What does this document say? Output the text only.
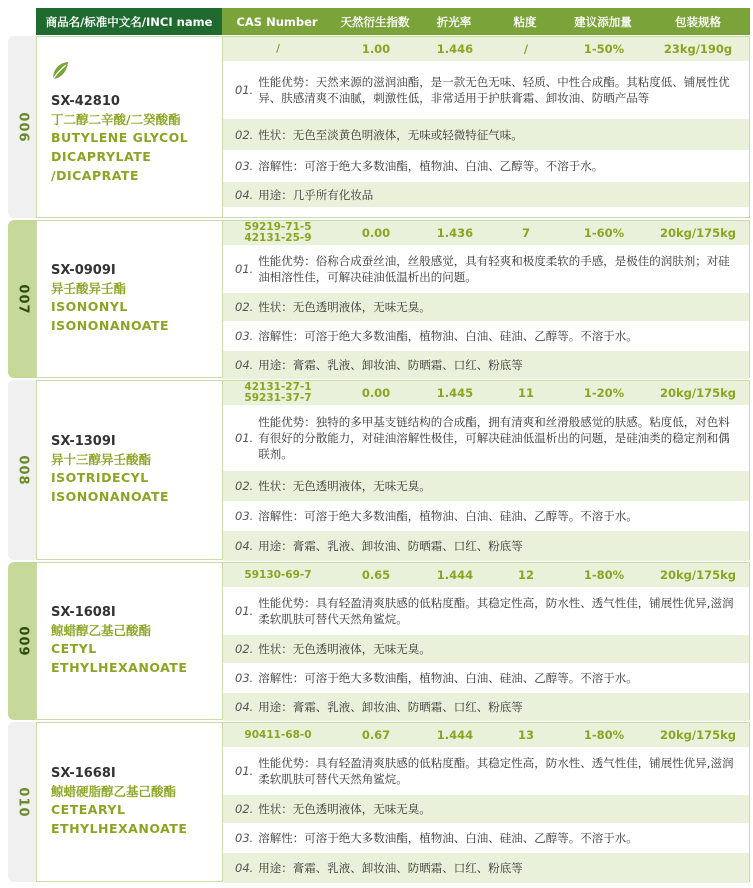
商品名/标准中文名/INCI name	CAS Number	天然衍生指数	折光率	粘度	建议添加量	包装规格
006
SX-42810
丁二醇二辛酸/二癸酸酯
BUTYLENE GLYCOL
DICAPRYLATE
/DICAPRATE
/	1.00	1.446	/	1-50%	23kg/190g
01.
性能优势：天然来源的滋润油酯，是一款无色无味、轻质、中性合成酯。其粘度低、铺展性优异、肤感清爽不油腻，刺激性低，非常适用于护肤膏霜、卸妆油、防晒产品等
02. 性状：无色至淡黄色明液体，无味或轻微特征气味。
03. 溶解性：可溶于绝大多数油酯，植物油、白油、乙醇等。不溶于水。
04. 用途：几乎所有化妆品
007
SX-0909I
异壬酸异壬酯
ISONONYL
ISONONANOATE
59219-71-5
42131-25-9	0.00	1.436	7	1-60%	20kg/175kg
01.
性能优势：俗称合成蚕丝油，丝般感觉，具有轻爽和极度柔软的手感，是极佳的润肤剂；对硅油相溶性佳，可解决硅油低温析出的问题。
02. 性状：无色透明液体，无味无臭。
03. 溶解性：可溶于绝大多数油酯，植物油、白油、硅油、乙醇等。不溶于水。
04. 用途：膏霜、乳液、卸妆油、防晒霜、口红、粉底等
008
SX-1309I
异十三醇异壬酸酯
ISOTRIDECYL
ISONONANOATE
42131-27-1
59231-37-7	0.00	1.445	11	1-20%	20kg/175kg
01.
性能优势：独特的多甲基支链结构的合成酯，拥有清爽和丝滑般感觉的肤感。粘度低，对色料有很好的分散能力，对硅油溶解性极佳，可解决硅油低温析出的问题，是硅油类的稳定剂和偶联剂。
02. 性状：无色透明液体，无味无臭。
03. 溶解性：可溶于绝大多数油酯，植物油、白油、硅油、乙醇等。不溶于水。
04. 用途：膏霜、乳液、卸妆油、防晒霜、口红、粉底等
009
SX-1608I
鲸蜡醇乙基己酸酯
CETYL
ETHYLHEXANOATE
59130-69-7	0.65	1.444	12	1-80%	20kg/175kg
01.
性能优势：具有轻盈清爽肤感的低粘度酯。其稳定性高，防水性、透气性佳，铺展性优异,滋润柔软肌肤可替代天然角鲨烷。
02. 性状：无色透明液体，无味无臭。
03. 溶解性：可溶于绝大多数油酯，植物油、白油、硅油、乙醇等。不溶于水。
04. 用途：膏霜、乳液、卸妆油、防晒霜、口红、粉底等
010
SX-1668I
鲸蜡硬脂醇乙基己酸酯
CETEARYL
ETHYLHEXANOATE
90411-68-0	0.67	1.444	13	1-80%	20kg/175kg
01.
性能优势：具有轻盈清爽肤感的低粘度酯。其稳定性高，防水性、透气性佳，铺展性优异,滋润柔软肌肤可替代天然角鲨烷。
02. 性状：无色透明液体，无味无臭。
03. 溶解性：可溶于绝大多数油酯，植物油、白油、硅油、乙醇等。不溶于水。
04. 用途：膏霜、乳液、卸妆油、防晒霜、口红、粉底等
